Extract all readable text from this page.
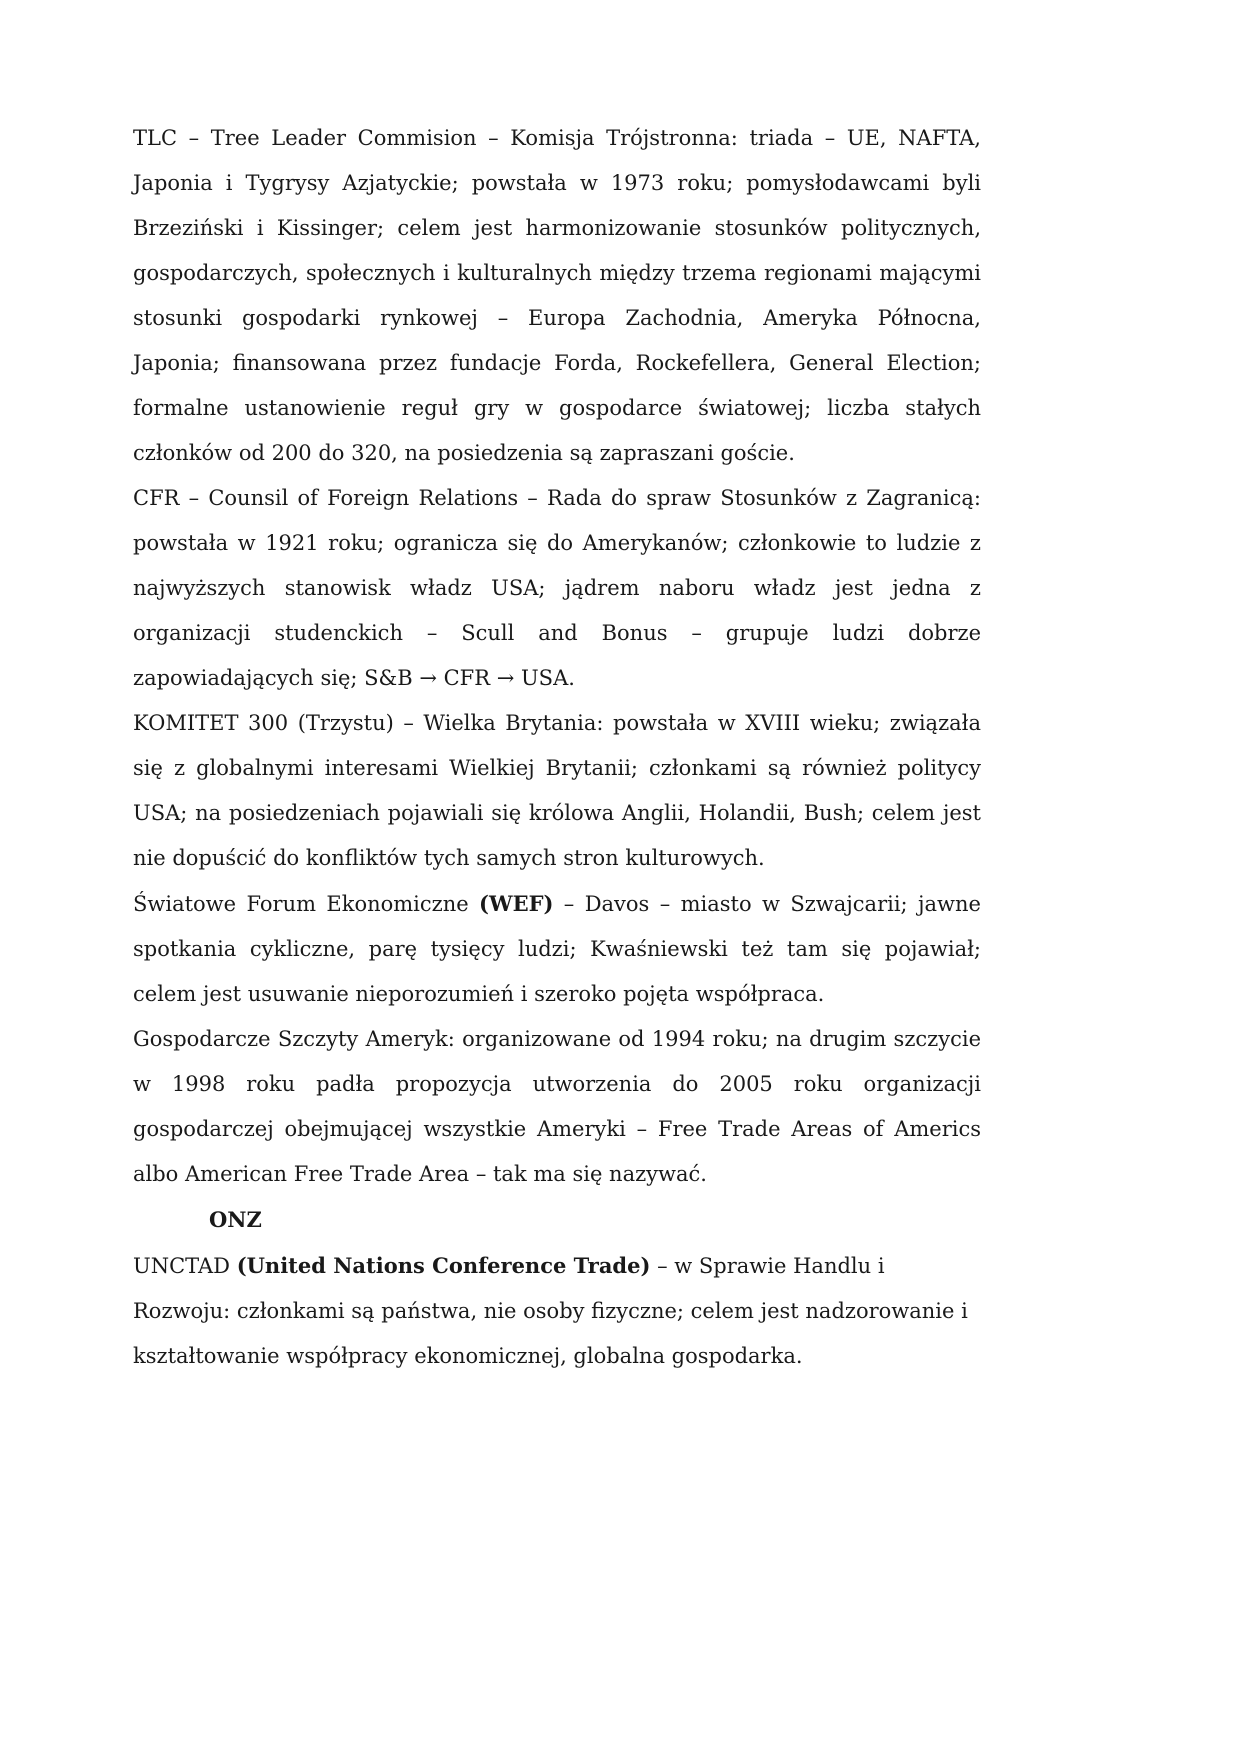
TLC – Tree Leader Commision – Komisja Trójstronna: triada – UE, NAFTA, Japonia i Tygrysy Azjatyckie; powstała w 1973 roku; pomysłodawcami byli Brzeziński i Kissinger; celem jest harmonizowanie stosunków politycznych, gospodarczych, społecznych i kulturalnych między trzema regionami mającymi stosunki gospodarki rynkowej – Europa Zachodnia, Ameryka Północna, Japonia; finansowana przez fundacje Forda, Rockefellera, General Election; formalne ustanowienie reguł gry w gospodarce światowej; liczba stałych członków od 200 do 320, na posiedzenia są zapraszani goście.

CFR – Counsil of Foreign Relations – Rada do spraw Stosunków z Zagranicą: powstała w 1921 roku; ogranicza się do Amerykanów; członkowie to ludzie z najwyższych stanowisk władz USA; jądrem naboru władz jest jedna z organizacji studenckich – Scull and Bonus – grupuje ludzi dobrze zapowiadających się; S&B → CFR → USA.

KOMITET 300 (Trzystu) – Wielka Brytania: powstała w XVIII wieku; związała się z globalnymi interesami Wielkiej Brytanii; członkami są również politycy USA; na posiedzeniach pojawiali się królowa Anglii, Holandii, Bush; celem jest nie dopuścić do konfliktów tych samych stron kulturowych.

Światowe Forum Ekonomiczne (WEF) – Davos – miasto w Szwajcarii; jawne spotkania cykliczne, parę tysięcy ludzi; Kwaśniewski też tam się pojawiał; celem jest usuwanie nieporozumień i szeroko pojęta współpraca.

Gospodarcze Szczyty Ameryk: organizowane od 1994 roku; na drugim szczycie w 1998 roku padła propozycja utworzenia do 2005 roku organizacji gospodarczej obejmującej wszystkie Ameryki – Free Trade Areas of Americs albo American Free Trade Area – tak ma się nazywać.

ONZ

UNCTAD (United Nations Conference Trade) – w Sprawie Handlu i Rozwoju: członkami są państwa, nie osoby fizyczne; celem jest nadzorowanie i kształtowanie współpracy ekonomicznej, globalna gospodarka.
